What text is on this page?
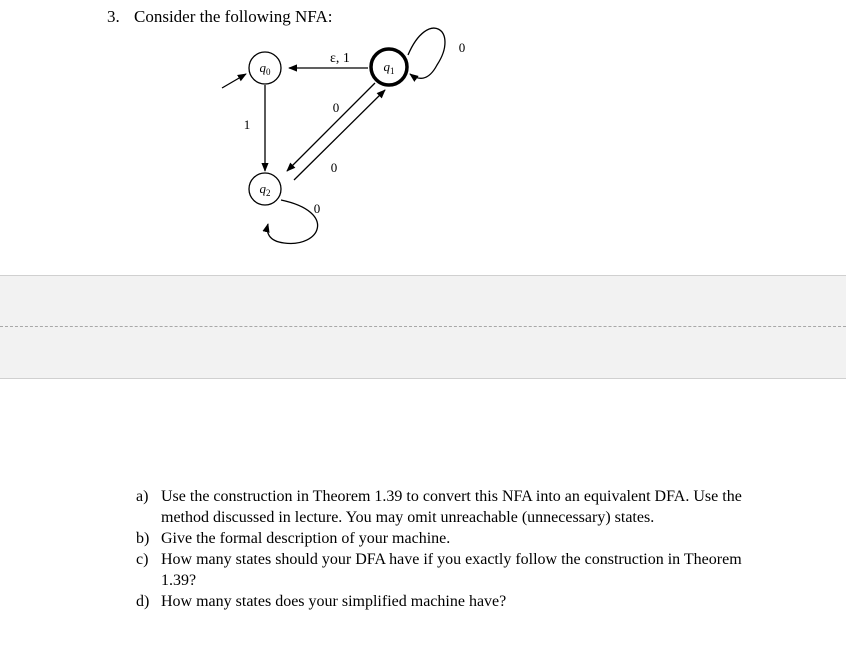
3. Consider the following NFA:
ε, 1
0
0
0
1
0
$q_0$	$q_1$
$q_2$
a) Use the construction in Theorem 1.39 to convert this NFA into an equivalent DFA. Use the method discussed in lecture. You may omit unreachable (unnecessary) states.
b) Give the formal description of your machine.
c) How many states should your DFA have if you exactly follow the construction in Theorem 1.39?
d) How many states does your simplified machine have?
